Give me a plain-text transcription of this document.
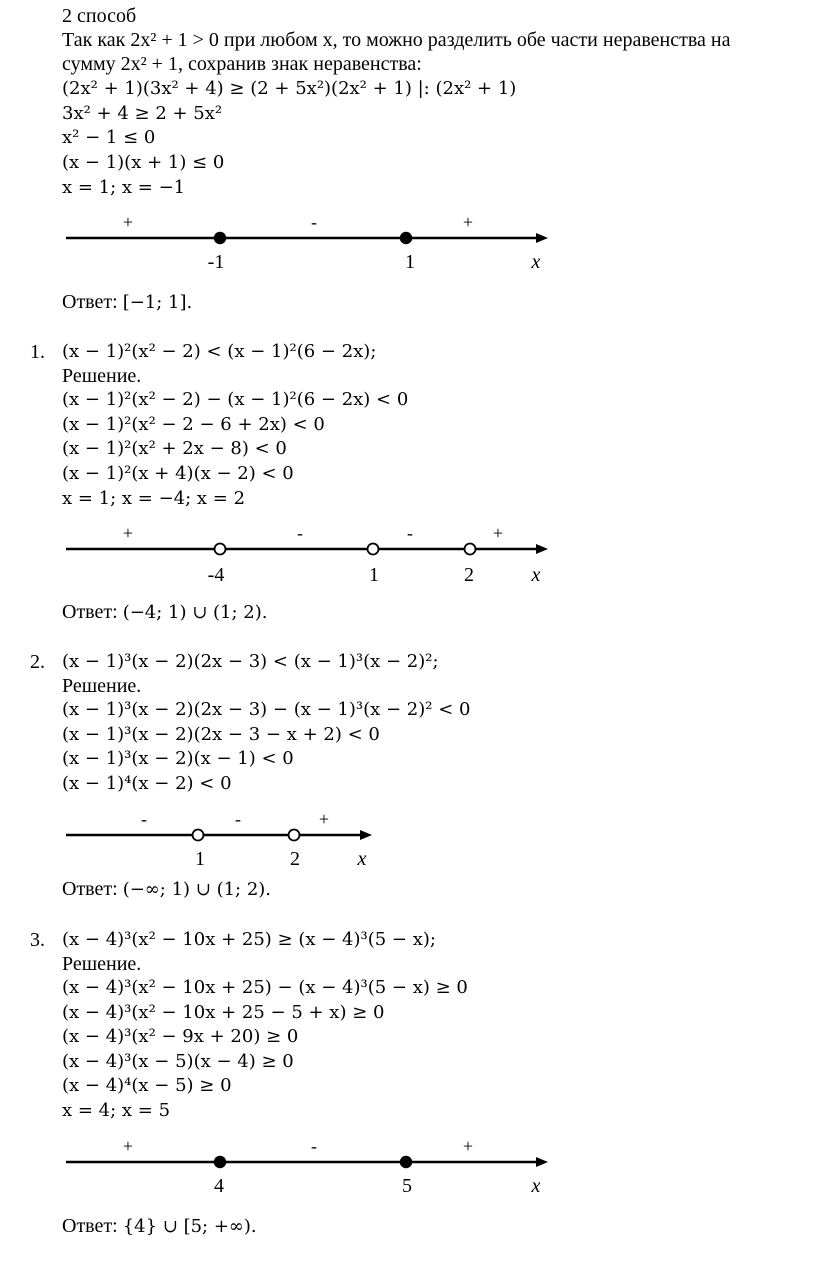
2 способ
Так как 2x² + 1 > 0 при любом x, то можно разделить обе части неравенства на
сумму 2x² + 1, сохранив знак неравенства:
(2x² + 1)(3x² + 4) ≥ (2 + 5x²)(2x² + 1) |: (2x² + 1)
3x² + 4 ≥ 2 + 5x²
x² − 1 ≤ 0
(x − 1)(x + 1) ≤ 0
x = 1; x = −1
+	-	+
-1	1	x
Ответ: [−1; 1].
1. (x − 1)²(x² − 2) < (x − 1)²(6 − 2x);
Решение.
(x − 1)²(x² − 2) − (x − 1)²(6 − 2x) < 0
(x − 1)²(x² − 2 − 6 + 2x) < 0
(x − 1)²(x² + 2x − 8) < 0
(x − 1)²(x + 4)(x − 2) < 0
x = 1; x = −4; x = 2
+	-	-	+
-4	1	2	x
Ответ: (−4; 1) ∪ (1; 2).
2. (x − 1)³(x − 2)(2x − 3) < (x − 1)³(x − 2)²;
Решение.
(x − 1)³(x − 2)(2x − 3) − (x − 1)³(x − 2)² < 0
(x − 1)³(x − 2)(2x − 3 − x + 2) < 0
(x − 1)³(x − 2)(x − 1) < 0
(x − 1)⁴(x − 2) < 0
-	-	+
1	2	x
Ответ: (−∞; 1) ∪ (1; 2).
3. (x − 4)³(x² − 10x + 25) ≥ (x − 4)³(5 − x);
Решение.
(x − 4)³(x² − 10x + 25) − (x − 4)³(5 − x) ≥ 0
(x − 4)³(x² − 10x + 25 − 5 + x) ≥ 0
(x − 4)³(x² − 9x + 20) ≥ 0
(x − 4)³(x − 5)(x − 4) ≥ 0
(x − 4)⁴(x − 5) ≥ 0
x = 4; x = 5
+	-	+
4	5	x
Ответ: {4} ∪ [5; +∞).
